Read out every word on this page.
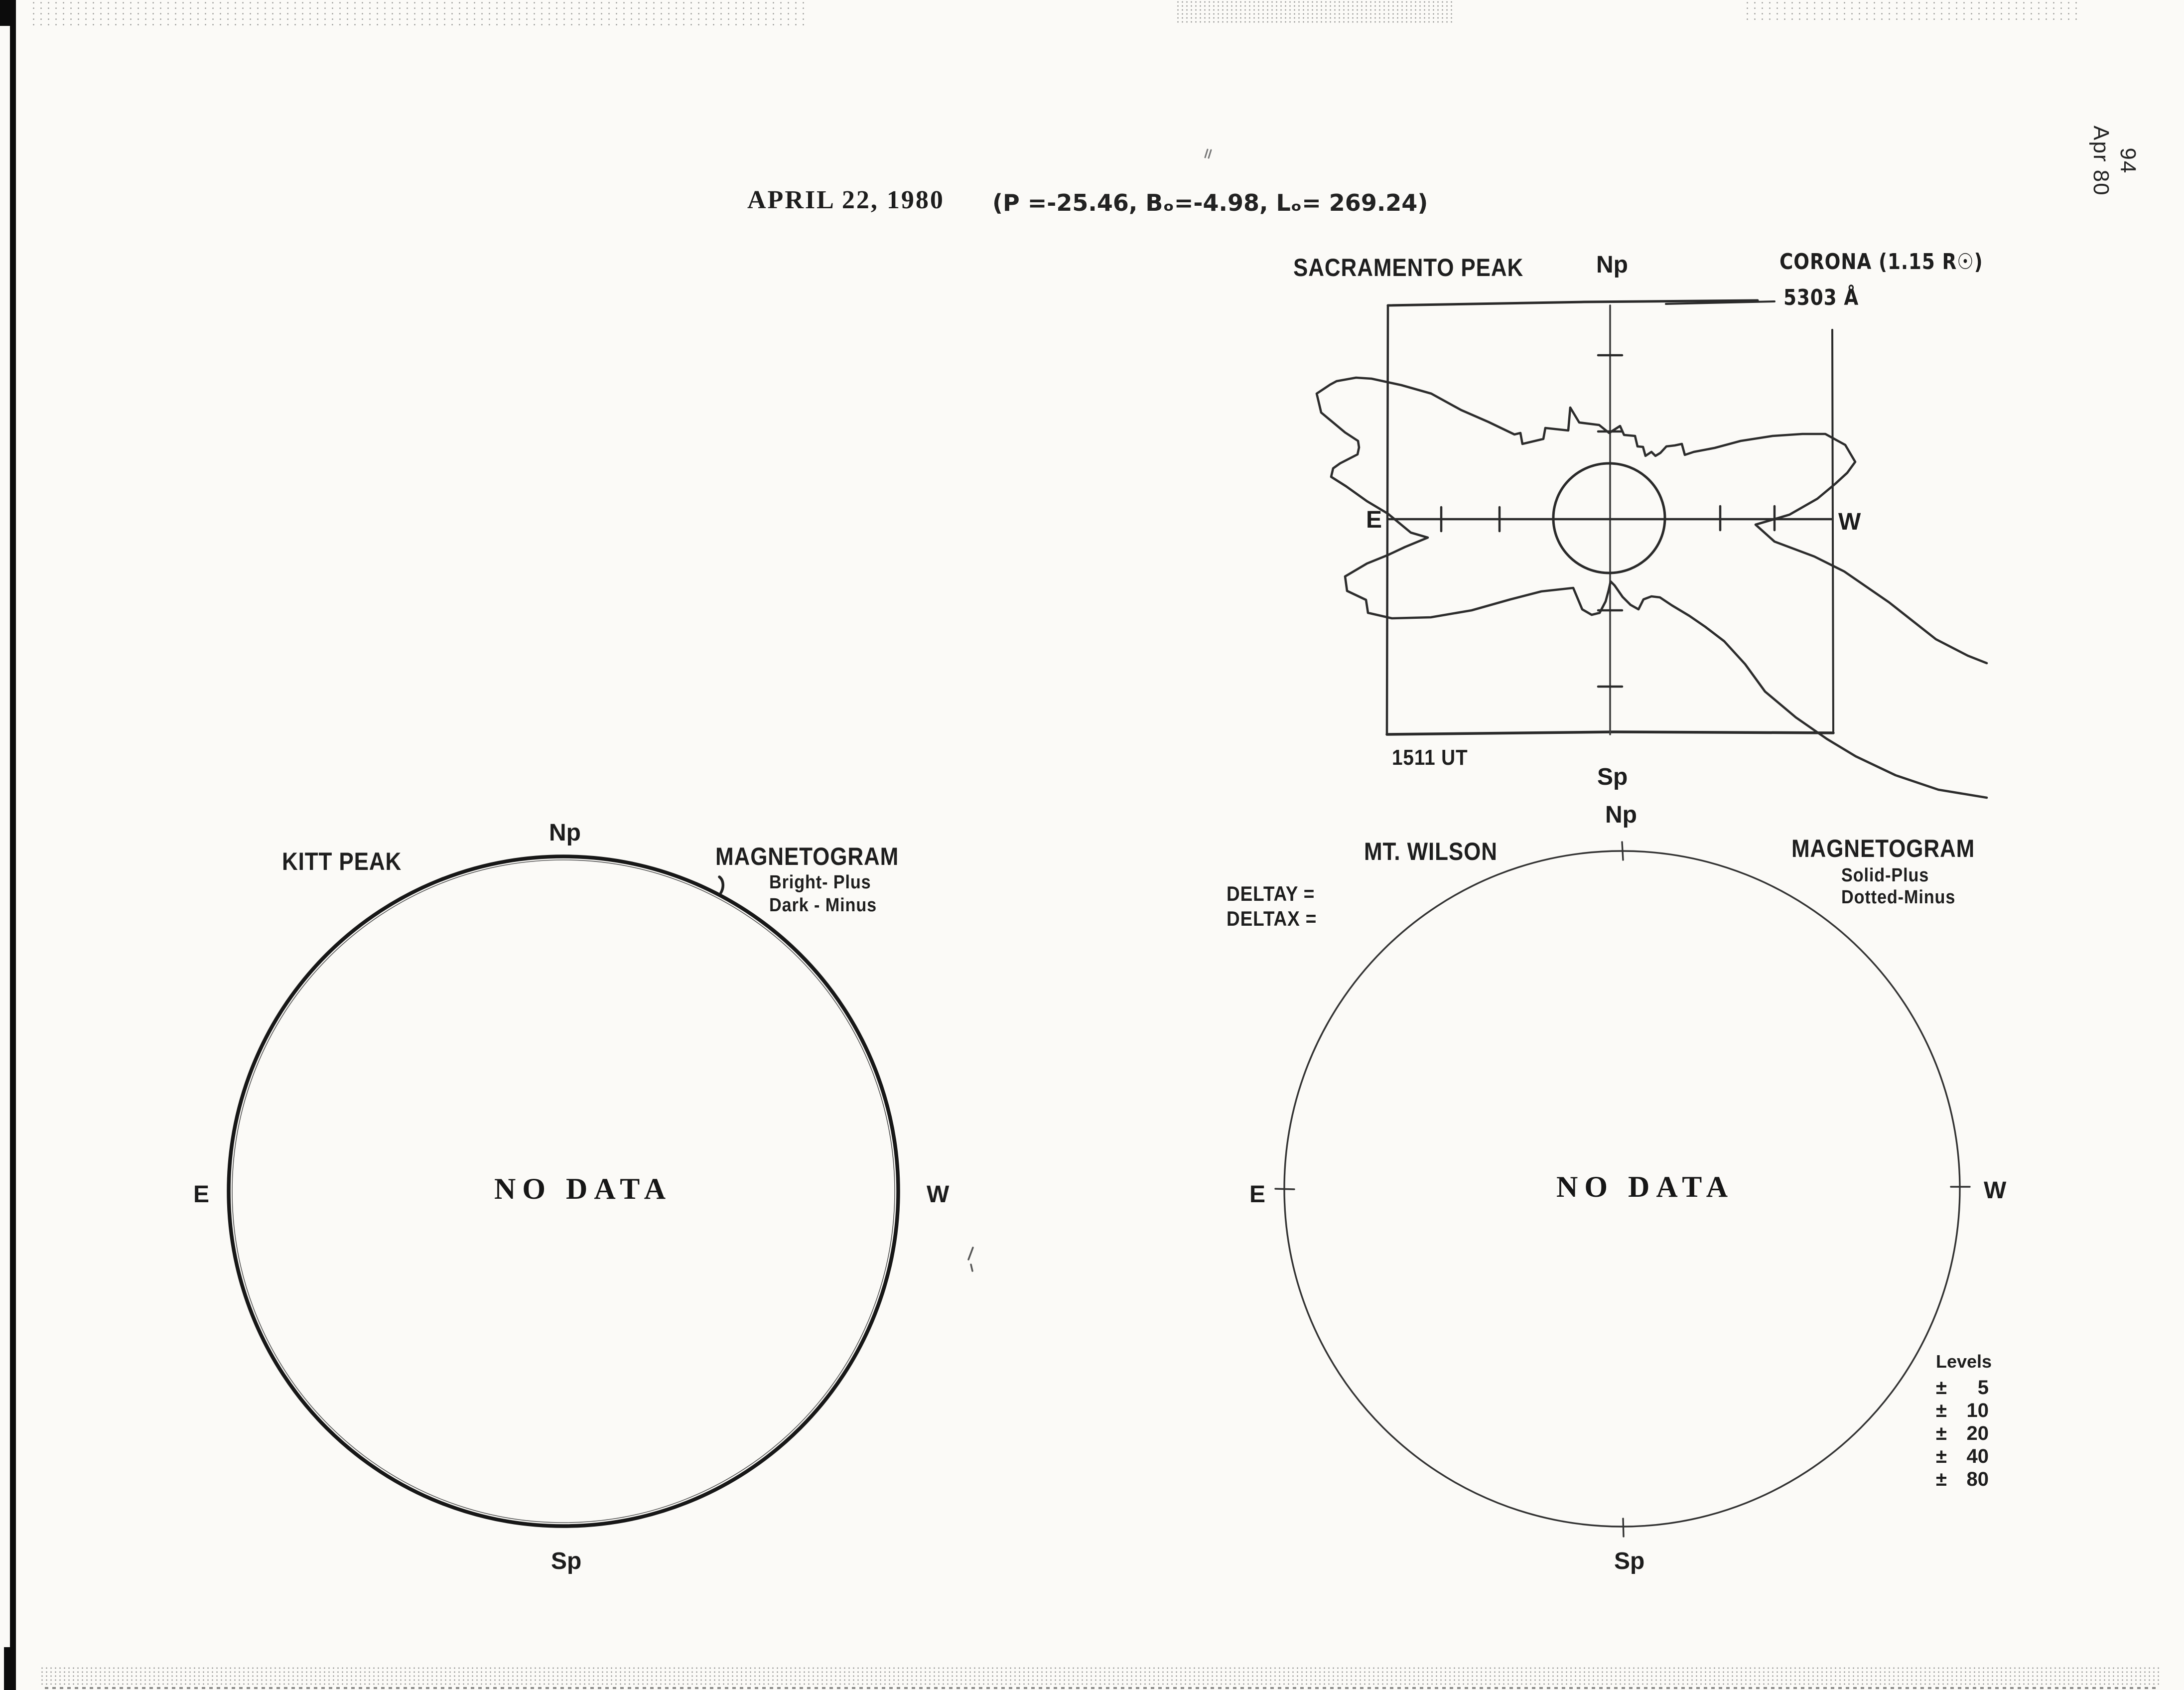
APRIL 22, 1980 (P =-25.46, Bₒ=-4.98, Lₒ= 269.24)
94
Apr 80
SACRAMENTO PEAK	Np	CORONA (1.15 R☉)
5303 Å
E	W
1511 UT
Sp
Np
KITT PEAK	MAGNETOGRAM
Bright- Plus
Dark - Minus
NO DATA
E	W
Sp
Np
MT. WILSON	MAGNETOGRAM
Solid-Plus
Dotted-Minus
DELTAY =
DELTAX =
NO DATA
E	W
Sp
Levels
±	5
± 10
± 20
± 40
± 80
